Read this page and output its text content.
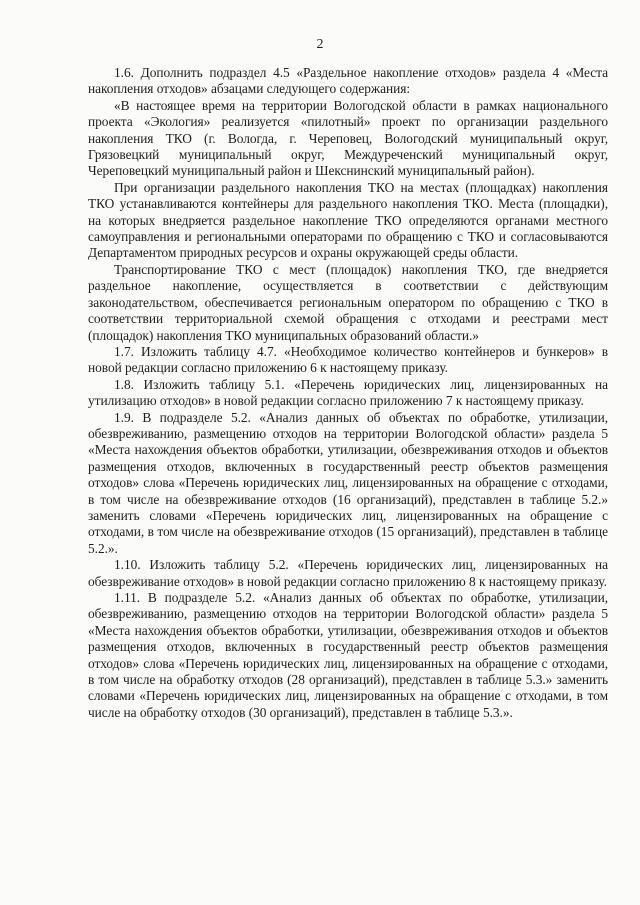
2

1.6. Дополнить подраздел 4.5 «Раздельное накопление отходов» раздела 4 «Места накопления отходов» абзацами следующего содержания:

«В настоящее время на территории Вологодской области в рамках национального проекта «Экология» реализуется «пилотный» проект по организации раздельного накопления ТКО (г. Вологда, г. Череповец, Вологодский муниципальный округ, Грязовецкий муниципальный округ, Междуреченский муниципальный округ, Череповецкий муниципальный район и Шекснинский муниципальный район).

При организации раздельного накопления ТКО на местах (площадках) накопления ТКО устанавливаются контейнеры для раздельного накопления ТКО. Места (площадки), на которых внедряется раздельное накопление ТКО определяются органами местного самоуправления и региональными операторами по обращению с ТКО и согласовываются Департаментом природных ресурсов и охраны окружающей среды области.

Транспортирование ТКО с мест (площадок) накопления ТКО, где внедряется раздельное накопление, осуществляется в соответствии с действующим законодательством, обеспечивается региональным оператором по обращению с ТКО в соответствии территориальной схемой обращения с отходами и реестрами мест (площадок) накопления ТКО муниципальных образований области.»

1.7. Изложить таблицу 4.7. «Необходимое количество контейнеров и бункеров» в новой редакции согласно приложению 6 к настоящему приказу.

1.8. Изложить таблицу 5.1. «Перечень юридических лиц, лицензированных на утилизацию отходов» в новой редакции согласно приложению 7 к настоящему приказу.

1.9. В подразделе 5.2. «Анализ данных об объектах по обработке, утилизации, обезвреживанию, размещению отходов на территории Вологодской области» раздела 5 «Места нахождения объектов обработки, утилизации, обезвреживания отходов и объектов размещения отходов, включенных в государственный реестр объектов размещения отходов» слова «Перечень юридических лиц, лицензированных на обращение с отходами, в том числе на обезвреживание отходов (16 организаций), представлен в таблице 5.2.» заменить словами «Перечень юридических лиц, лицензированных на обращение с отходами, в том числе на обезвреживание отходов (15 организаций), представлен в таблице 5.2.».

1.10. Изложить таблицу 5.2. «Перечень юридических лиц, лицензированных на обезвреживание отходов» в новой редакции согласно приложению 8 к настоящему приказу.

1.11. В подразделе 5.2. «Анализ данных об объектах по обработке, утилизации, обезвреживанию, размещению отходов на территории Вологодской области» раздела 5 «Места нахождения объектов обработки, утилизации, обезвреживания отходов и объектов размещения отходов, включенных в государственный реестр объектов размещения отходов» слова «Перечень юридических лиц, лицензированных на обращение с отходами, в том числе на обработку отходов (28 организаций), представлен в таблице 5.3.» заменить словами «Перечень юридических лиц, лицензированных на обращение с отходами, в том числе на обработку отходов (30 организаций), представлен в таблице 5.3.».
